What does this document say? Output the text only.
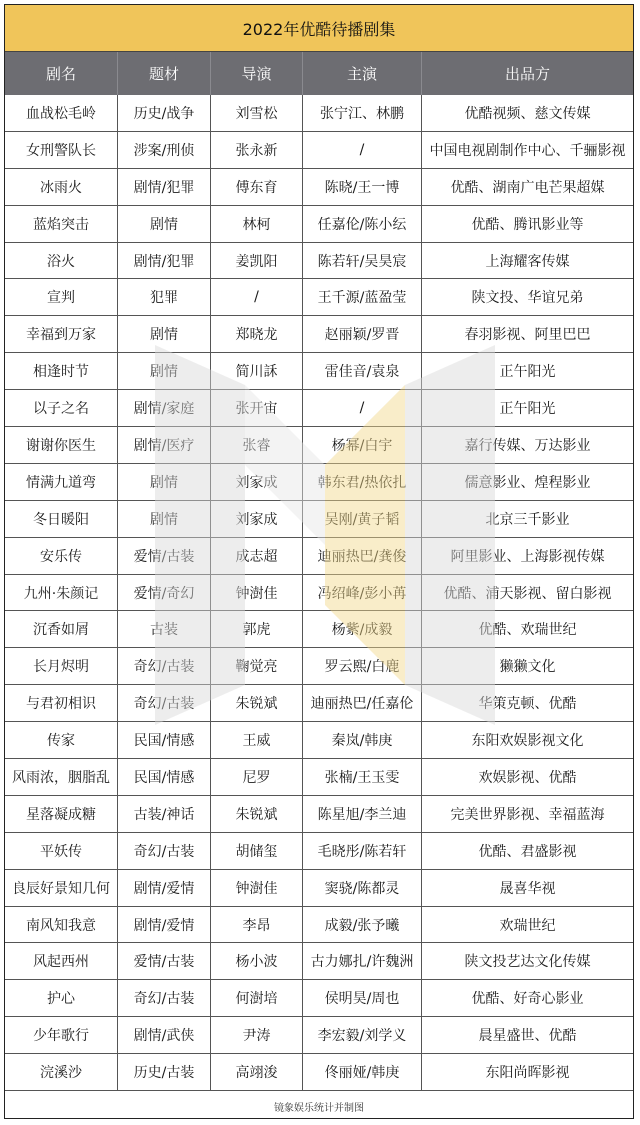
2022年优酷待播剧集
剧名	题材	导演	主演	出品方
血战松毛岭	历史/战争	刘雪松	张宁江、林鹏	优酷视频、慈文传媒
女刑警队长	涉案/刑侦	张永新	/	中国电视剧制作中心、千骊影视
冰雨火	剧情/犯罪	傅东育	陈晓/王一博	优酷、湖南广电芒果超媒
蓝焰突击	剧情	林柯	任嘉伦/陈小纭	优酷、腾讯影业等
浴火	剧情/犯罪	姜凯阳	陈若轩/吴昊宸	上海耀客传媒
宣判	犯罪	/	王千源/蓝盈莹	陕文投、华谊兄弟
幸福到万家	剧情	郑晓龙	赵丽颖/罗晋	春羽影视、阿里巴巴
相逢时节	剧情	简川訸	雷佳音/袁泉	正午阳光
以子之名	剧情/家庭	张开宙	/	正午阳光
谢谢你医生	剧情/医疗	张睿	杨幂/白宇	嘉行传媒、万达影业
情满九道弯	剧情	刘家成	韩东君/热依扎	儒意影业、煌程影业
冬日暖阳	剧情	刘家成	吴刚/黄子韬	北京三千影业
安乐传	爱情/古装	成志超	迪丽热巴/龚俊	阿里影业、上海影视传媒
九州·朱颜记	爱情/奇幻	钟澍佳	冯绍峰/彭小苒	优酷、浦天影视、留白影视
沉香如屑	古装	郭虎	杨紫/成毅	优酷、欢瑞世纪
长月烬明	奇幻/古装	鞠觉亮	罗云熙/白鹿	獭獭文化
与君初相识	奇幻/古装	朱锐斌	迪丽热巴/任嘉伦	华策克顿、优酷
传家	民国/情感	王威	秦岚/韩庚	东阳欢娱影视文化
风雨浓，胭脂乱	民国/情感	尼罗	张楠/王玉雯	欢娱影视、优酷
星落凝成糖	古装/神话	朱锐斌	陈星旭/李兰迪	完美世界影视、幸福蓝海
平妖传	奇幻/古装	胡储玺	毛晓彤/陈若轩	优酷、君盛影视
良辰好景知几何	剧情/爱情	钟澍佳	窦骁/陈都灵	晟喜华视
南风知我意	剧情/爱情	李昂	成毅/张予曦	欢瑞世纪
风起西州	爱情/古装	杨小波	古力娜扎/许魏洲	陕文投艺达文化传媒
护心	奇幻/古装	何澍培	侯明昊/周也	优酷、好奇心影业
少年歌行	剧情/武侠	尹涛	李宏毅/刘学义	晨星盛世、优酷
浣溪沙	历史/古装	高翊浚	佟丽娅/韩庚	东阳尚晖影视
镜象娱乐统计并制图
